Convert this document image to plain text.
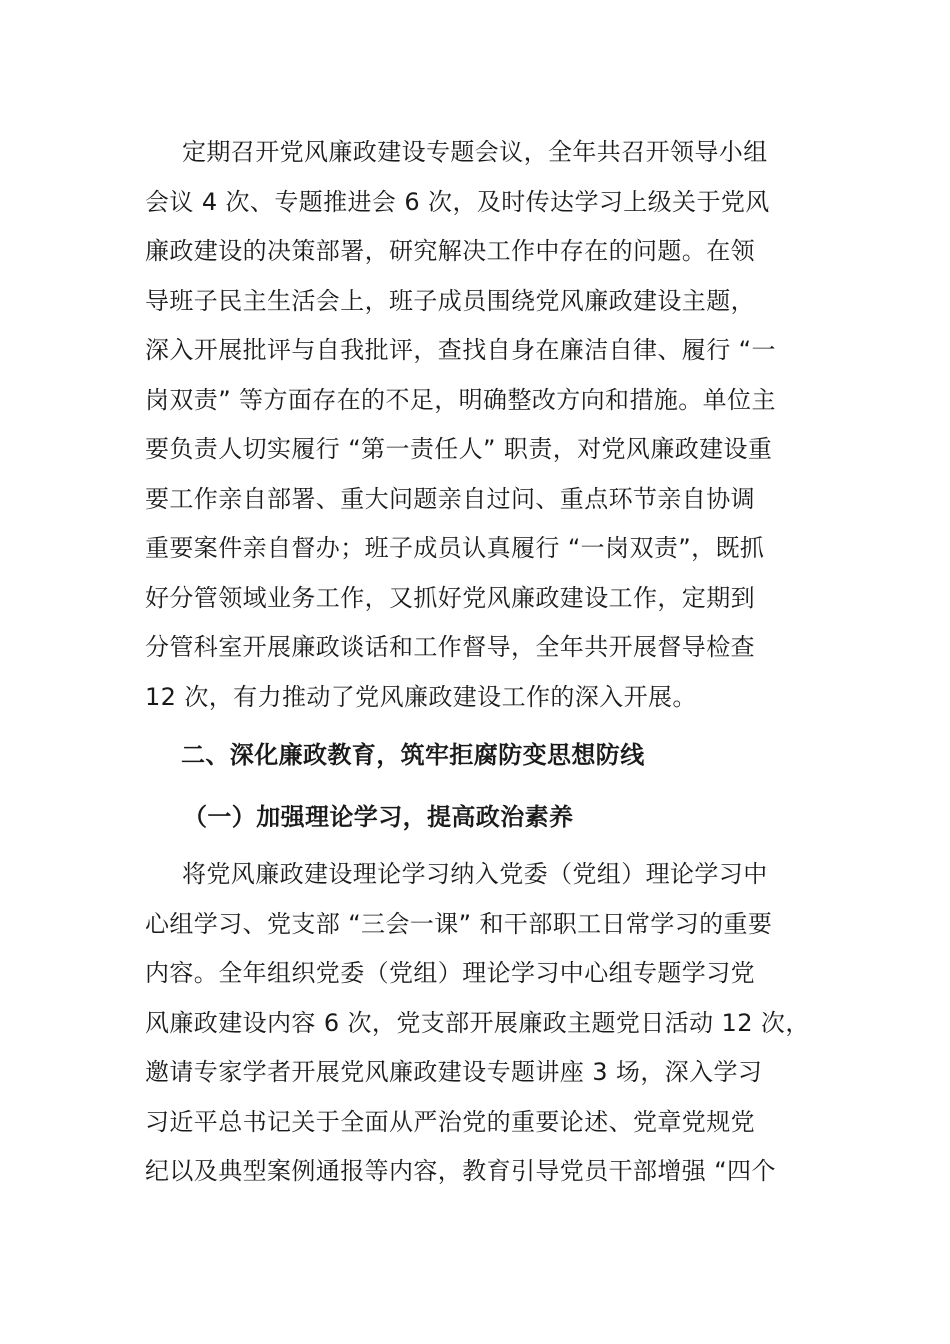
定期召开党风廉政建设专题会议，全年共召开领导小组
会议 4 次、专题推进会 6 次，及时传达学习上级关于党风
廉政建设的决策部署，研究解决工作中存在的问题。在领
导班子民主生活会上，班子成员围绕党风廉政建设主题，
深入开展批评与自我批评，查找自身在廉洁自律、履行 “一
岗双责” 等方面存在的不足，明确整改方向和措施。单位主
要负责人切实履行 “第一责任人” 职责，对党风廉政建设重
要工作亲自部署、重大问题亲自过问、重点环节亲自协调
重要案件亲自督办；班子成员认真履行 “一岗双责”，既抓
好分管领域业务工作，又抓好党风廉政建设工作，定期到
分管科室开展廉政谈话和工作督导，全年共开展督导检查
12 次，有力推动了党风廉政建设工作的深入开展。
二、深化廉政教育，筑牢拒腐防变思想防线
（一）加强理论学习，提高政治素养
将党风廉政建设理论学习纳入党委（党组）理论学习中
心组学习、党支部 “三会一课” 和干部职工日常学习的重要
内容。全年组织党委（党组）理论学习中心组专题学习党
风廉政建设内容 6 次，党支部开展廉政主题党日活动 12 次，
邀请专家学者开展党风廉政建设专题讲座 3 场，深入学习
习近平总书记关于全面从严治党的重要论述、党章党规党
纪以及典型案例通报等内容，教育引导党员干部增强 “四个
